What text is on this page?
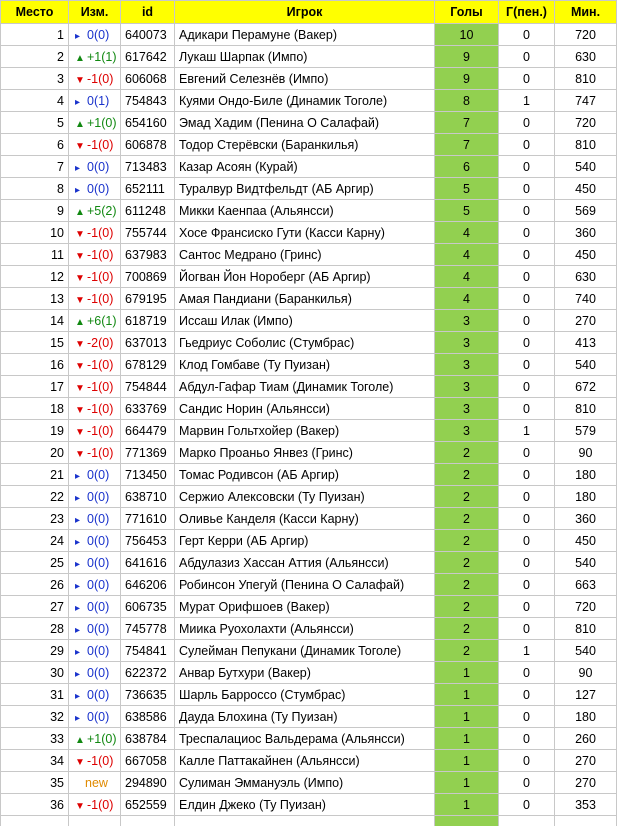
Место	Изм.	id	Игрок	Голы	Г(пен.)	Мин.
1	▸ 0(0)	640073	Адикари Перамуне (Вакер)	10	0	720
2	▲ +1(1)	617642	Лукаш Шарпак (Импо)	9	0	630
3	▼ -1(0)	606068	Евгений Селезнёв (Импо)	9	0	810
4	▸ 0(1)	754843	Куями Ондо-Биле (Динамик Тоголе)	8	1	747
5	▲ +1(0)	654160	Эмад Хадим (Пенина О Салафай)	7	0	720
6	▼ -1(0)	606878	Тодор Стерёвски (Баранкилья)	7	0	810
7	▸ 0(0)	713483	Казар Асоян (Курай)	6	0	540
8	▸ 0(0)	652111	Туралвур Видтфельдт (АБ Аргир)	5	0	450
9	▲ +5(2)	611248	Микки Каенпаа (Альянсси)	5	0	569
10	▼ -1(0)	755744	Хосе Франсиско Гути (Касси Карну)	4	0	360
11	▼ -1(0)	637983	Сантос Медрано (Гринс)	4	0	450
12	▼ -1(0)	700869	Йогван Йон Нороберг (АБ Аргир)	4	0	630
13	▼ -1(0)	679195	Амая Пандиани (Баранкилья)	4	0	740
14	▲ +6(1)	618719	Иссаш Илак (Импо)	3	0	270
15	▼ -2(0)	637013	Гьедриус Соболис (Стумбрас)	3	0	413
16	▼ -1(0)	678129	Клод Гомбаве (Ту Пуизан)	3	0	540
17	▼ -1(0)	754844	Абдул-Гафар Тиам (Динамик Тоголе)	3	0	672
18	▼ -1(0)	633769	Сандис Норин (Альянсси)	3	0	810
19	▼ -1(0)	664479	Марвин Гольтхойер (Вакер)	3	1	579
20	▼ -1(0)	771369	Марко Проаньо Янвез (Гринс)	2	0	90
21	▸ 0(0)	713450	Томас Родивсон (АБ Аргир)	2	0	180
22	▸ 0(0)	638710	Сержио Алексовски (Ту Пуизан)	2	0	180
23	▸ 0(0)	771610	Оливье Канделя (Касси Карну)	2	0	360
24	▸ 0(0)	756453	Герт Керри (АБ Аргир)	2	0	450
25	▸ 0(0)	641616	Абдулазиз Хассан Аттия (Альянсси)	2	0	540
26	▸ 0(0)	646206	Робинсон Упегуй (Пенина О Салафай)	2	0	663
27	▸ 0(0)	606735	Мурат Орифшоев (Вакер)	2	0	720
28	▸ 0(0)	745778	Миика Руохолахти (Альянсси)	2	0	810
29	▸ 0(0)	754841	Сулейман Пепукани (Динамик Тоголе)	2	1	540
30	▸ 0(0)	622372	Анвар Бутхури (Вакер)	1	0	90
31	▸ 0(0)	736635	Шарль Барроссо (Стумбрас)	1	0	127
32	▸ 0(0)	638586	Дауда Блохина (Ту Пуизан)	1	0	180
33	▲ +1(0)	638784	Треспалациос Вальдерама (Альянсси)	1	0	260
34	▼ -1(0)	667058	Калле Паттакайнен (Альянсси)	1	0	270
35	new	294890	Сулиман Эммануэль (Импо)	1	0	270
36	▼ -1(0)	652559	Елдин Джеко (Ту Пуизан)	1	0	353
